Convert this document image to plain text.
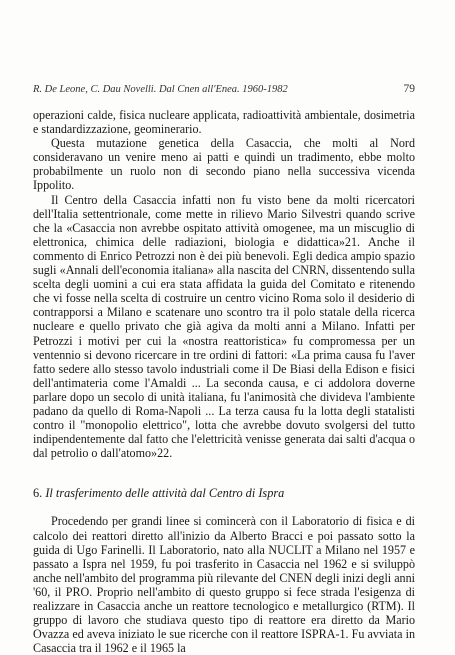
R. De Leone, C. Dau Novelli. Dal Cnen all'Enea. 1960-1982	79

operazioni calde, fisica nucleare applicata, radioattività ambientale, dosimetria e standardizzazione, geominerario.

Questa mutazione genetica della Casaccia, che molti al Nord consideravano un venire meno ai patti e quindi un tradimento, ebbe molto probabilmente un ruolo non di secondo piano nella successiva vicenda Ippolito.

Il Centro della Casaccia infatti non fu visto bene da molti ricercatori dell'Italia settentrionale, come mette in rilievo Mario Silvestri quando scrive che la «Casaccia non avrebbe ospitato attività omogenee, ma un miscuglio di elettronica, chimica delle radiazioni, biologia e didattica»21. Anche il commento di Enrico Petrozzi non è dei più benevoli. Egli dedica ampio spazio sugli «Annali dell'economia italiana» alla nascita del CNRN, dissentendo sulla scelta degli uomini a cui era stata affidata la guida del Comitato e ritenendo che vi fosse nella scelta di costruire un centro vicino Roma solo il desiderio di contrapporsi a Milano e scatenare uno scontro tra il polo statale della ricerca nucleare e quello privato che già agiva da molti anni a Milano. Infatti per Petrozzi i motivi per cui la «nostra reattoristica» fu compromessa per un ventennio si devono ricercare in tre ordini di fattori: «La prima causa fu l'aver fatto sedere allo stesso tavolo industriali come il De Biasi della Edison e fisici dell'antimateria come l'Amaldi ... La seconda causa, e ci addolora doverne parlare dopo un secolo di unità italiana, fu l'animosità che divideva l'ambiente padano da quello di Roma-Napoli ... La terza causa fu la lotta degli statalisti contro il "monopolio elettrico", lotta che avrebbe dovuto svolgersi del tutto indipendentemente dal fatto che l'elettricità venisse generata dai salti d'acqua o dal petrolio o dall'atomo»22.

6. Il trasferimento delle attività dal Centro di Ispra

Procedendo per grandi linee si comincerà con il Laboratorio di fisica e di calcolo dei reattori diretto all'inizio da Alberto Bracci e poi passato sotto la guida di Ugo Farinelli. Il Laboratorio, nato alla NUCLIT a Milano nel 1957 e passato a Ispra nel 1959, fu poi trasferito in Casaccia nel 1962 e si sviluppò anche nell'ambito del programma più rilevante del CNEN degli inizi degli anni '60, il PRO. Proprio nell'ambito di questo gruppo si fece strada l'esigenza di realizzare in Casaccia anche un reattore tecnologico e metallurgico (RTM). Il gruppo di lavoro che studiava questo tipo di reattore era diretto da Mario Ovazza ed aveva iniziato le sue ricerche con il reattore ISPRA-1. Fu avviata in Casaccia tra il 1962 e il 1965 la
